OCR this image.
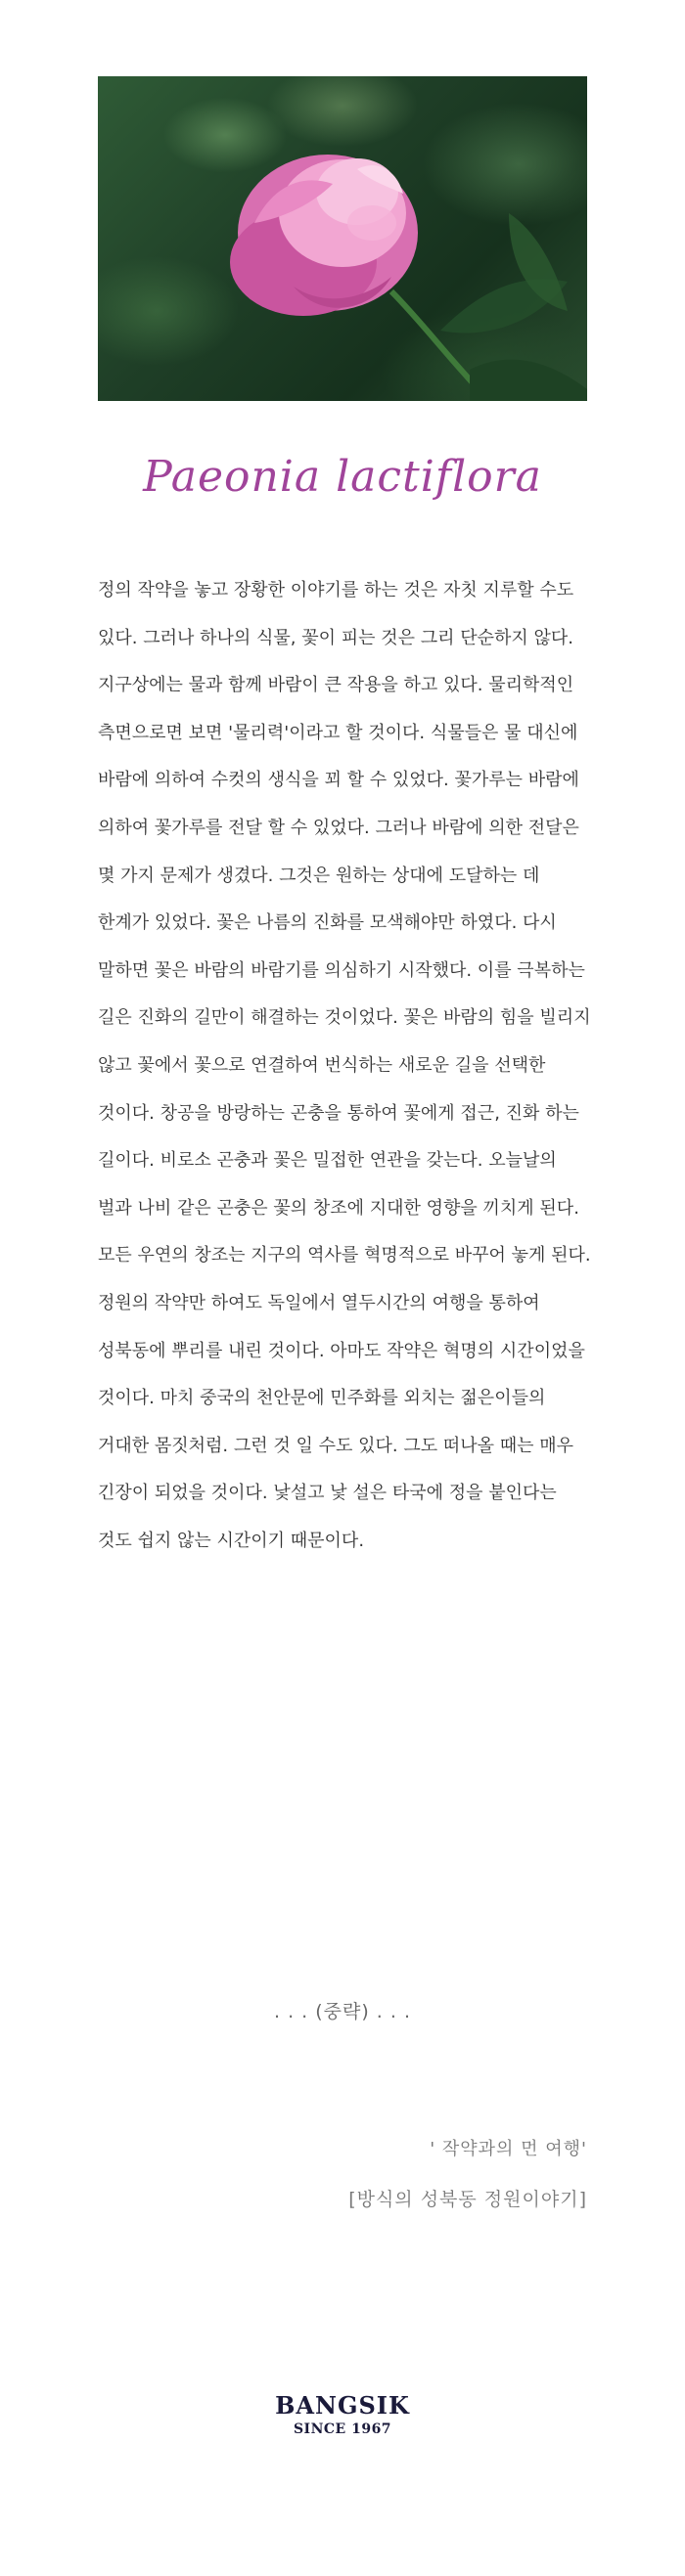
Paeonia lactiflora
정의 작약을 놓고 장황한 이야기를 하는 것은 자칫 지루할 수도 있다. 그러나 하나의 식물, 꽃이 피는 것은 그리 단순하지 않다. 지구상에는 물과 함께 바람이 큰 작용을 하고 있다. 물리학적인 측면으로면 보면 '물리력'이라고 할 것이다. 식물들은 물 대신에 바람에 의하여 수컷의 생식을 꾀 할 수 있었다. 꽃가루는 바람에 의하여 꽃가루를 전달 할 수 있었다. 그러나 바람에 의한 전달은 몇 가지 문제가 생겼다. 그것은 원하는 상대에 도달하는 데 한계가 있었다. 꽃은 나름의 진화를 모색해야만 하였다. 다시 말하면 꽃은 바람의 바람기를 의심하기 시작했다. 이를 극복하는 길은 진화의 길만이 해결하는 것이었다. 꽃은 바람의 힘을 빌리지 않고 꽃에서 꽃으로 연결하여 번식하는 새로운 길을 선택한 것이다. 창공을 방랑하는 곤충을 통하여 꽃에게 접근, 진화 하는 길이다. 비로소 곤충과 꽃은 밀접한 연관을 갖는다. 오늘날의 벌과 나비 같은 곤충은 꽃의 창조에 지대한 영향을 끼치게 된다. 모든 우연의 창조는 지구의 역사를 혁명적으로 바꾸어 놓게 된다. 정원의 작약만 하여도 독일에서 열두시간의 여행을 통하여 성북동에 뿌리를 내린 것이다. 아마도 작약은 혁명의 시간이었을 것이다. 마치 중국의 천안문에 민주화를 외치는 젊은이들의 거대한 몸짓처럼. 그런 것 일 수도 있다. 그도 떠나올 때는 매우 긴장이 되었을 것이다. 낯설고 낯 설은 타국에 정을 붙인다는 것도 쉽지 않는 시간이기 때문이다.
. . . (중략) . . .
' 작약과의 먼 여행'
[방식의 성북동 정원이야기]
BANGSIK
SINCE 1967
